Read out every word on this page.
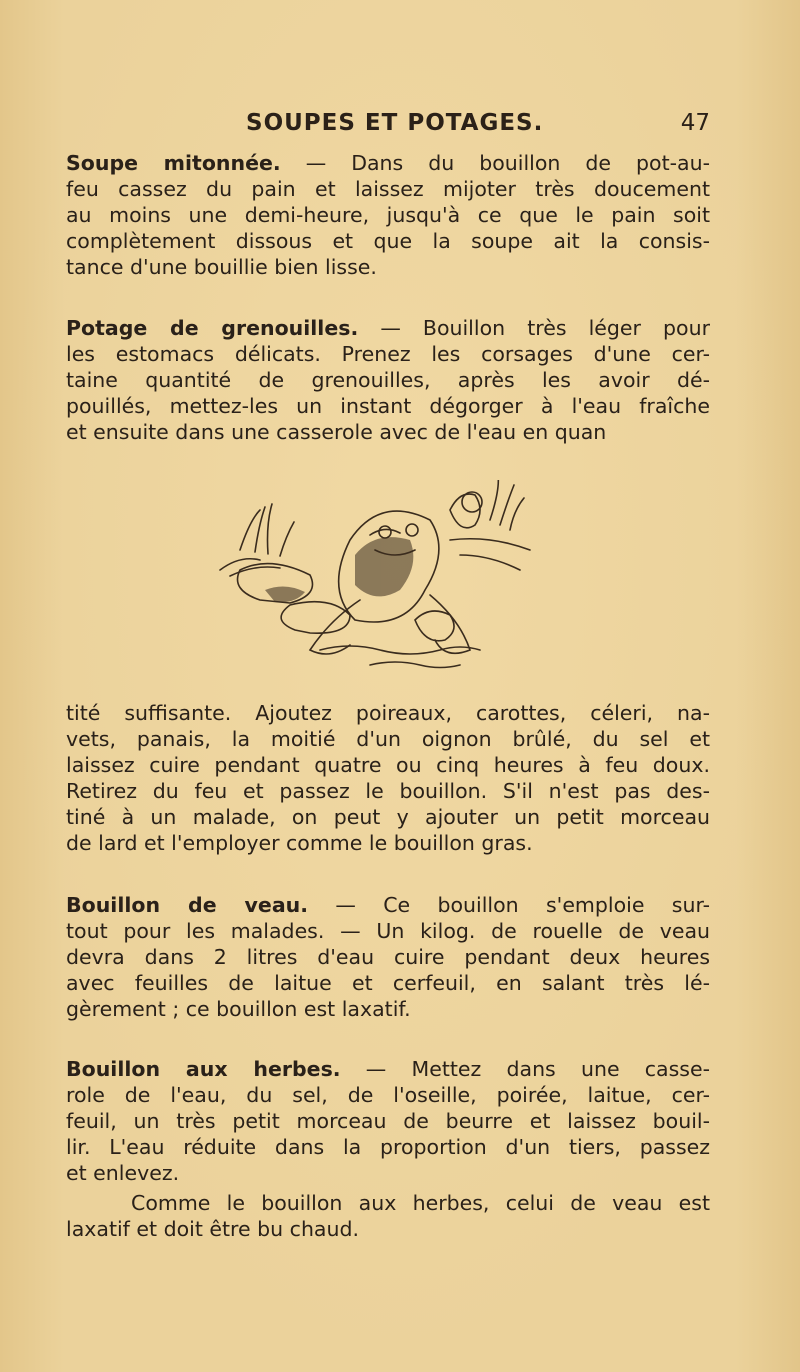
SOUPES ET POTAGES.	47
Soupe mitonnée. — Dans du bouillon de pot-au-
feu cassez du pain et laissez mijoter très doucement
au moins une demi-heure, jusqu'à ce que le pain soit
complètement dissous et que la soupe ait la consis-
tance d'une bouillie bien lisse.
Potage de grenouilles. — Bouillon très léger pour
les estomacs délicats. Prenez les corsages d'une cer-
taine quantité de grenouilles, après les avoir dé-
pouillés, mettez-les un instant dégorger à l'eau fraîche
et ensuite dans une casserole avec de l'eau en quan
tité suffisante. Ajoutez poireaux, carottes, céleri, na-
vets, panais, la moitié d'un oignon brûlé, du sel et
laissez cuire pendant quatre ou cinq heures à feu doux.
Retirez du feu et passez le bouillon. S'il n'est pas des-
tiné à un malade, on peut y ajouter un petit morceau
de lard et l'employer comme le bouillon gras.
Bouillon de veau. — Ce bouillon s'emploie sur-
tout pour les malades. — Un kilog. de rouelle de veau
devra dans 2 litres d'eau cuire pendant deux heures
avec feuilles de laitue et cerfeuil, en salant très lé-
gèrement ; ce bouillon est laxatif.
Bouillon aux herbes. — Mettez dans une casse-
role de l'eau, du sel, de l'oseille, poirée, laitue, cer-
feuil, un très petit morceau de beurre et laissez bouil-
lir. L'eau réduite dans la proportion d'un tiers, passez
et enlevez.
Comme le bouillon aux herbes, celui de veau est
laxatif et doit être bu chaud.
